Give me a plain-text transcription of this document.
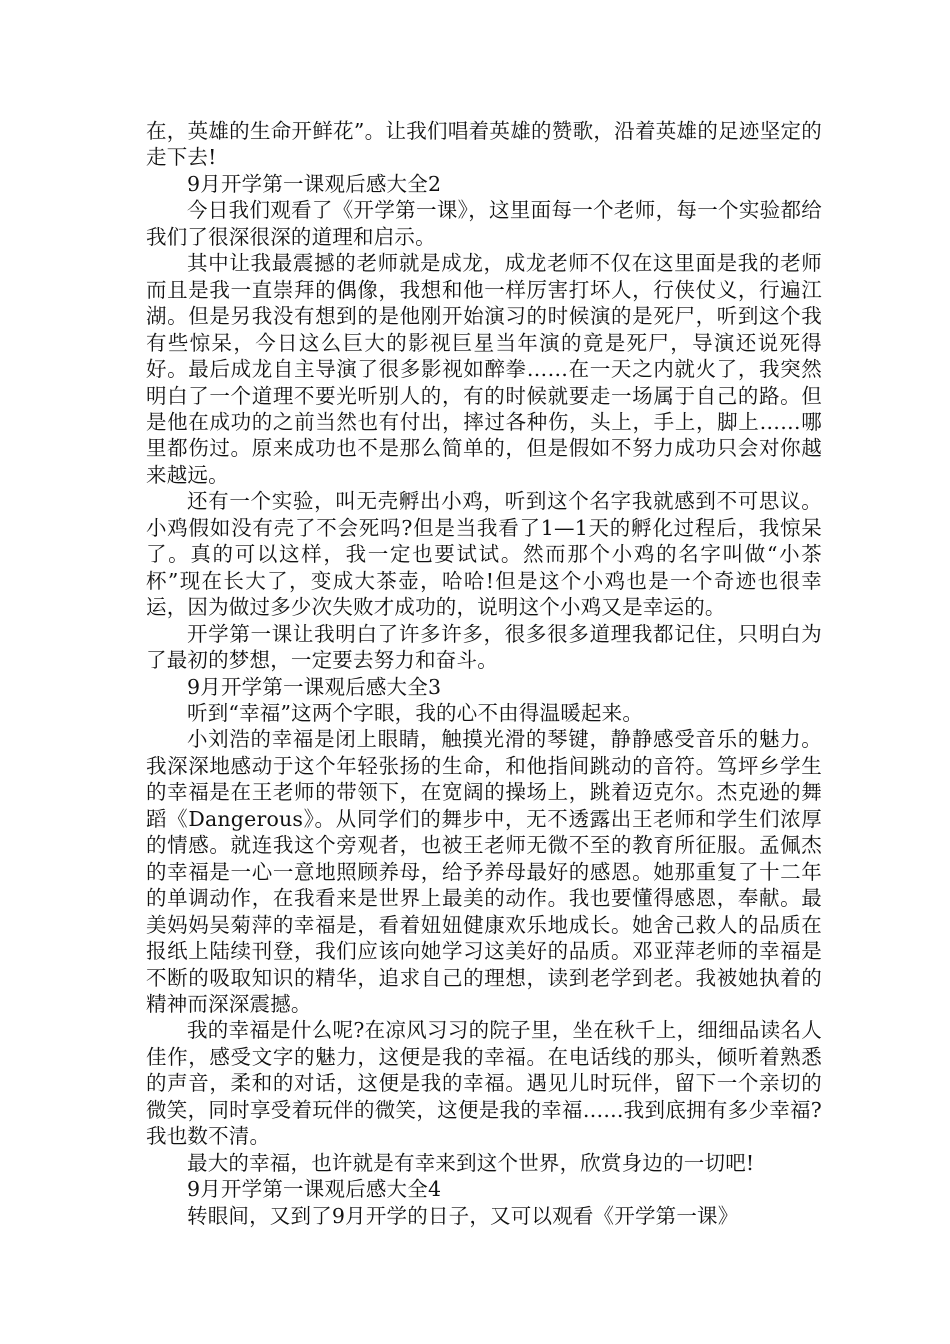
在，英雄的生命开鲜花”。让我们唱着英雄的赞歌，沿着英雄的足迹坚定的走下去!

9月开学第一课观后感大全2

今日我们观看了《开学第一课》，这里面每一个老师，每一个实验都给我们了很深很深的道理和启示。

其中让我最震撼的老师就是成龙，成龙老师不仅在这里面是我的老师而且是我一直崇拜的偶像，我想和他一样厉害打坏人，行侠仗义，行遍江湖。但是另我没有想到的是他刚开始演习的时候演的是死尸，听到这个我有些惊呆，今日这么巨大的影视巨星当年演的竟是死尸，导演还说死得好。最后成龙自主导演了很多影视如醉拳……在一天之内就火了，我突然明白了一个道理不要光听别人的，有的时候就要走一场属于自己的路。但是他在成功的之前当然也有付出，摔过各种伤，头上，手上，脚上……哪里都伤过。原来成功也不是那么简单的，但是假如不努力成功只会对你越来越远。

还有一个实验，叫无壳孵出小鸡，听到这个名字我就感到不可思议。小鸡假如没有壳了不会死吗?但是当我看了1—1天的孵化过程后，我惊呆了。真的可以这样，我一定也要试试。然而那个小鸡的名字叫做“小茶杯”现在长大了，变成大茶壶，哈哈!但是这个小鸡也是一个奇迹也很幸运，因为做过多少次失败才成功的，说明这个小鸡又是幸运的。

开学第一课让我明白了许多许多，很多很多道理我都记住，只明白为了最初的梦想，一定要去努力和奋斗。

9月开学第一课观后感大全3

听到“幸福”这两个字眼，我的心不由得温暖起来。

小刘浩的幸福是闭上眼睛，触摸光滑的琴键，静静感受音乐的魅力。我深深地感动于这个年轻张扬的生命，和他指间跳动的音符。笃坪乡学生的幸福是在王老师的带领下，在宽阔的操场上，跳着迈克尔。杰克逊的舞蹈《Dangerous》。从同学们的舞步中，无不透露出王老师和学生们浓厚的情感。就连我这个旁观者，也被王老师无微不至的教育所征服。孟佩杰的幸福是一心一意地照顾养母，给予养母最好的感恩。她那重复了十二年的单调动作，在我看来是世界上最美的动作。我也要懂得感恩，奉献。最美妈妈吴菊萍的幸福是，看着妞妞健康欢乐地成长。她舍己救人的品质在报纸上陆续刊登，我们应该向她学习这美好的品质。邓亚萍老师的幸福是不断的吸取知识的精华，追求自己的理想，读到老学到老。我被她执着的精神而深深震撼。

我的幸福是什么呢?在凉风习习的院子里，坐在秋千上，细细品读名人佳作，感受文字的魅力，这便是我的幸福。在电话线的那头，倾听着熟悉的声音，柔和的对话，这便是我的幸福。遇见儿时玩伴，留下一个亲切的微笑，同时享受着玩伴的微笑，这便是我的幸福…...我到底拥有多少幸福?我也数不清。

最大的幸福，也许就是有幸来到这个世界，欣赏身边的一切吧!

9月开学第一课观后感大全4

转眼间，又到了9月开学的日子，又可以观看《开学第一课》
